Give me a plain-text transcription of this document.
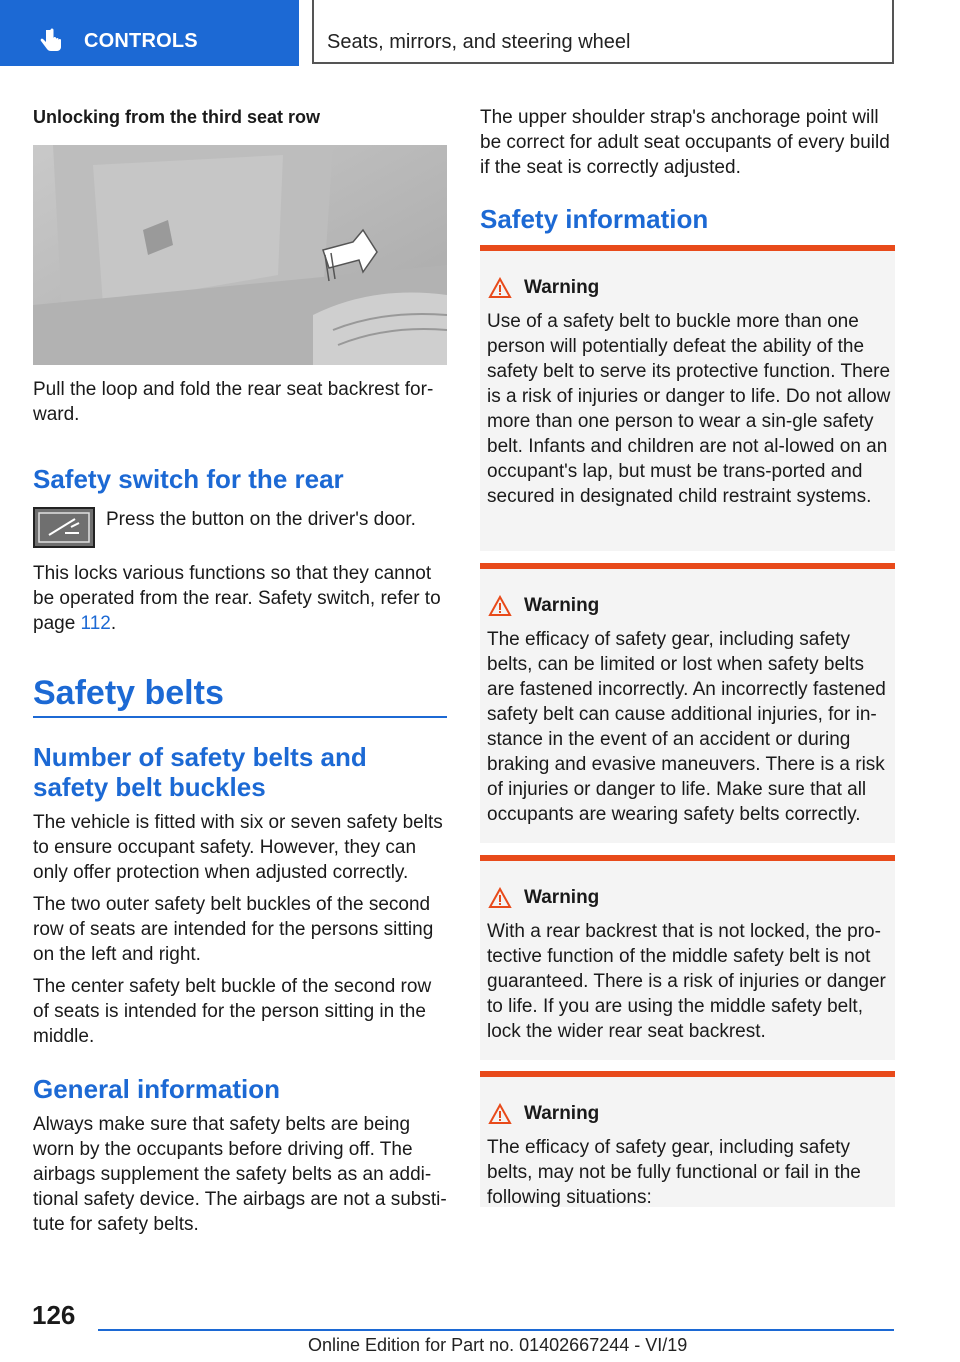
CONTROLS	Seats, mirrors, and steering wheel
Unlocking from the third seat row

Pull the loop and fold the rear seat backrest for-ward.

Safety switch for the rear

Press the button on the driver's door.

This locks various functions so that they cannot be operated from the rear. Safety switch, refer to page 112.

Safety belts
Number of safety belts and safety belt buckles

The vehicle is fitted with six or seven safety belts to ensure occupant safety. However, they can only offer protection when adjusted correctly.

The two outer safety belt buckles of the second row of seats are intended for the persons sitting on the left and right.

The center safety belt buckle of the second row of seats is intended for the person sitting in the middle.

General information

Always make sure that safety belts are being worn by the occupants before driving off. The airbags supplement the safety belts as an addi-tional safety device. The airbags are not a substi-tute for safety belts.

The upper shoulder strap's anchorage point will be correct for adult seat occupants of every build if the seat is correctly adjusted.

Safety information
Warning

Use of a safety belt to buckle more than one person will potentially defeat the ability of the safety belt to serve its protective function. There is a risk of injuries or danger to life. Do not allow more than one person to wear a sin-gle safety belt. Infants and children are not al-lowed on an occupant's lap, but must be trans-ported and secured in designated child restraint systems.

Warning

The efficacy of safety gear, including safety belts, can be limited or lost when safety belts are fastened incorrectly. An incorrectly fastened safety belt can cause additional injuries, for in-stance in the event of an accident or during braking and evasive maneuvers. There is a risk of injuries or danger to life. Make sure that all occupants are wearing safety belts correctly.

Warning

With a rear backrest that is not locked, the pro-tective function of the middle safety belt is not guaranteed. There is a risk of injuries or danger to life. If you are using the middle safety belt, lock the wider rear seat backrest.

Warning

The efficacy of safety gear, including safety belts, may not be fully functional or fail in the following situations:

126
Online Edition for Part no. 01402667244 - VI/19
